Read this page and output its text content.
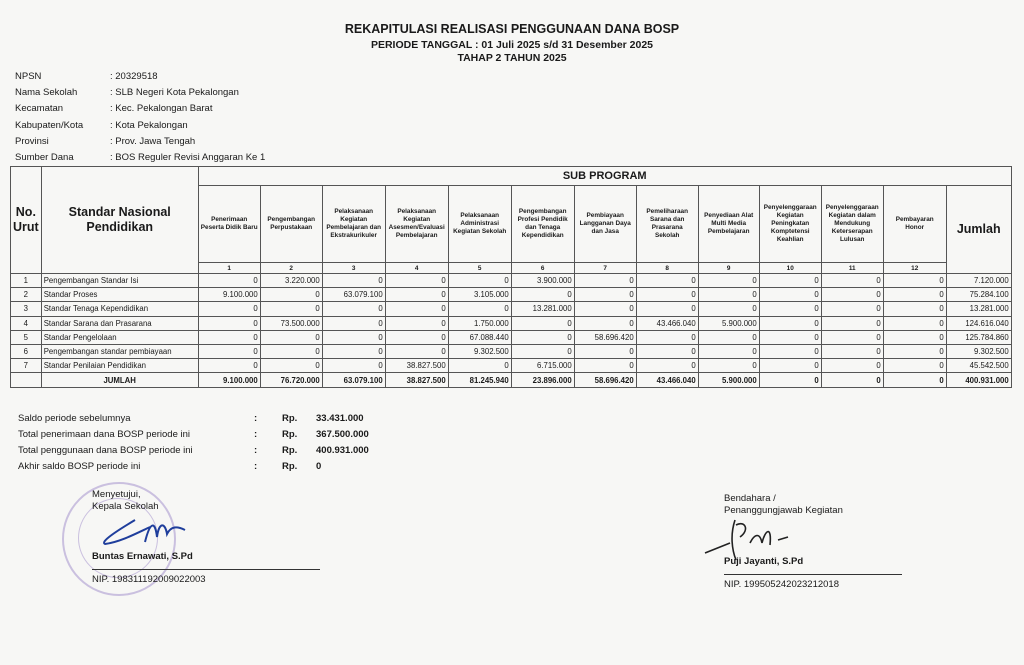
REKAPITULASI REALISASI PENGGUNAAN DANA BOSP
PERIODE TANGGAL : 01 Juli 2025 s/d 31 Desember 2025
TAHAP 2 TAHUN 2025
NPSN	: 20329518
Nama Sekolah	: SLB Negeri Kota Pekalongan
Kecamatan	: Kec. Pekalongan Barat
Kabupaten/Kota	: Kota Pekalongan
Provinsi	: Prov. Jawa Tengah
Sumber Dana	: BOS Reguler Revisi Anggaran Ke 1
No. Urut	Standar Nasional Pendidikan	SUB PROGRAM												
		Penerimaan Peserta Didik Baru	Pengembangan Perpustakaan	Pelaksanaan Kegiatan Pembelajaran dan Ekstrakurikuler	Pelaksanaan Kegiatan Asesmen/Evaluasi Pembelajaran	Pelaksanaan Administrasi Kegiatan Sekolah	Pengembangan Profesi Pendidik dan Tenaga Kependidikan	Pembiayaan Langganan Daya dan Jasa	Pemeliharaan Sarana dan Prasarana Sekolah	Penyediaan Alat Multi Media Pembelajaran	Penyelenggaraan Kegiatan Peningkatan Komptetensi Keahlian	Penyelenggaraan Kegiatan dalam Mendukung Keterserapan Lulusan	Pembayaran Honor	Jumlah
		1	2	3	4	5	6	7	8	9	10	11	12	
1	Pengembangan Standar Isi	0	3.220.000	0	0	0	3.900.000	0	0	0	0	0	0	7.120.000
2	Standar Proses	9.100.000	0	63.079.100	0	3.105.000	0	0	0	0	0	0	0	75.284.100
3	Standar Tenaga Kependidikan	0	0	0	0	0	13.281.000	0	0	0	0	0	0	13.281.000
4	Standar Sarana dan Prasarana	0	73.500.000	0	0	1.750.000	0	0	43.466.040	5.900.000	0	0	0	124.616.040
5	Standar Pengelolaan	0	0	0	0	67.088.440	0	58.696.420	0	0	0	0	0	125.784.860
6	Pengembangan standar pembiayaan	0	0	0	0	9.302.500	0	0	0	0	0	0	0	9.302.500
7	Standar Penilaian Pendidikan	0	0	0	38.827.500	0	6.715.000	0	0	0	0	0	0	45.542.500
	JUMLAH	9.100.000	76.720.000	63.079.100	38.827.500	81.245.940	23.896.000	58.696.420	43.466.040	5.900.000	0	0	0	400.931.000
Saldo periode sebelumnya	:	Rp.	33.431.000
Total penerimaan dana BOSP periode ini	:	Rp.	367.500.000
Total penggunaan dana BOSP periode ini	:	Rp.	400.931.000
Akhir saldo BOSP periode ini	:	Rp.	0
Menyetujui,
Kepala Sekolah
Buntas Ernawati, S.Pd
NIP. 198311192009022003
Bendahara /
Penanggungjawab Kegiatan
Puji Jayanti, S.Pd
NIP. 199505242023212018
